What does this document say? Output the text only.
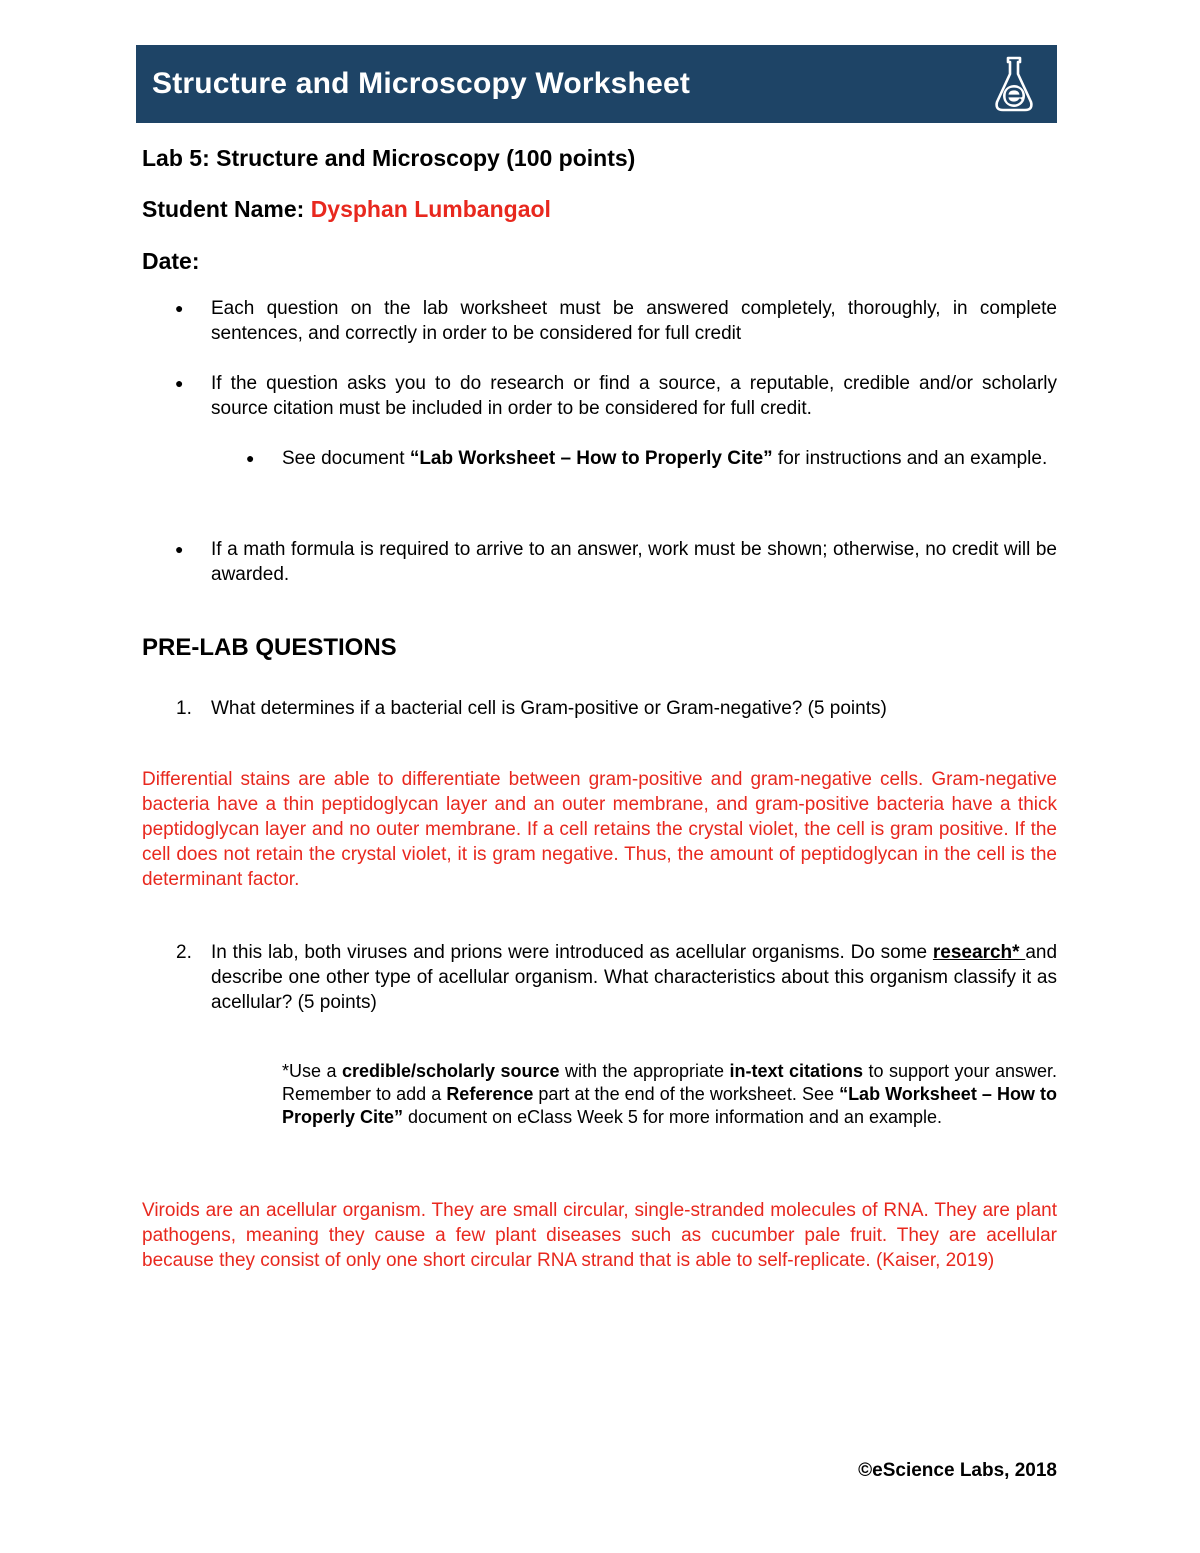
Structure and Microscopy Worksheet
Lab 5: Structure and Microscopy (100 points)
Student Name: Dysphan Lumbangaol
Date:
● Each question on the lab worksheet must be answered completely, thoroughly, in complete sentences, and correctly in order to be considered for full credit
● If the question asks you to do research or find a source, a reputable, credible and/or scholarly source citation must be included in order to be considered for full credit.
● See document “Lab Worksheet – How to Properly Cite” for instructions and an example.
● If a math formula is required to arrive to an answer, work must be shown; otherwise, no credit will be awarded.
PRE-LAB QUESTIONS
1. What determines if a bacterial cell is Gram-positive or Gram-negative? (5 points)
Differential stains are able to differentiate between gram-positive and gram-negative cells. Gram-negative bacteria have a thin peptidoglycan layer and an outer membrane, and gram-positive bacteria have a thick peptidoglycan layer and no outer membrane. If a cell retains the crystal violet, the cell is gram positive. If the cell does not retain the crystal violet, it is gram negative. Thus, the amount of peptidoglycan in the cell is the determinant factor.
2. In this lab, both viruses and prions were introduced as acellular organisms. Do some research* and describe one other type of acellular organism. What characteristics about this organism classify it as acellular? (5 points)
*Use a credible/scholarly source with the appropriate in-text citations to support your answer. Remember to add a Reference part at the end of the worksheet. See “Lab Worksheet – How to Properly Cite” document on eClass Week 5 for more information and an example.
Viroids are an acellular organism. They are small circular, single-stranded molecules of RNA. They are plant pathogens, meaning they cause a few plant diseases such as cucumber pale fruit. They are acellular because they consist of only one short circular RNA strand that is able to self-replicate. (Kaiser, 2019)
©eScience Labs, 2018
